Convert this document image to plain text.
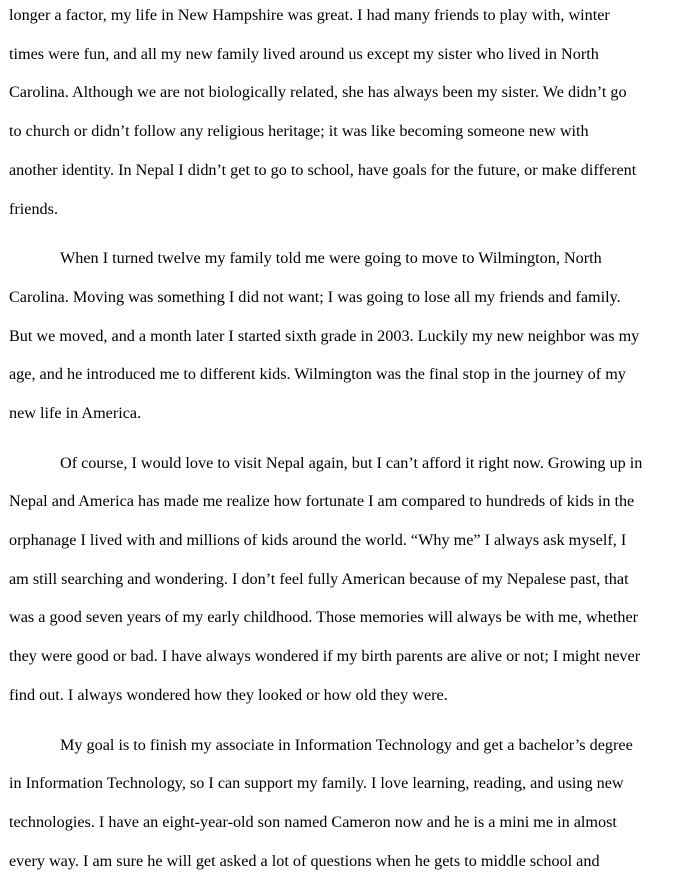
longer a factor, my life in New Hampshire was great. I had many friends to play with, winter

times were fun, and all my new family lived around us except my sister who lived in North

Carolina. Although we are not biologically related, she has always been my sister. We didn’t go

to church or didn’t follow any religious heritage; it was like becoming someone new with

another identity. In Nepal I didn’t get to go to school, have goals for the future, or make different

friends.

When I turned twelve my family told me were going to move to Wilmington, North

Carolina. Moving was something I did not want; I was going to lose all my friends and family.

But we moved, and a month later I started sixth grade in 2003. Luckily my new neighbor was my

age, and he introduced me to different kids. Wilmington was the final stop in the journey of my

new life in America.

Of course, I would love to visit Nepal again, but I can’t afford it right now. Growing up in

Nepal and America has made me realize how fortunate I am compared to hundreds of kids in the

orphanage I lived with and millions of kids around the world. “Why me” I always ask myself, I

am still searching and wondering. I don’t feel fully American because of my Nepalese past, that

was a good seven years of my early childhood. Those memories will always be with me, whether

they were good or bad. I have always wondered if my birth parents are alive or not; I might never

find out. I always wondered how they looked or how old they were.

My goal is to finish my associate in Information Technology and get a bachelor’s degree

in Information Technology, so I can support my family. I love learning, reading, and using new

technologies. I have an eight-year-old son named Cameron now and he is a mini me in almost

every way. I am sure he will get asked a lot of questions when he gets to middle school and
